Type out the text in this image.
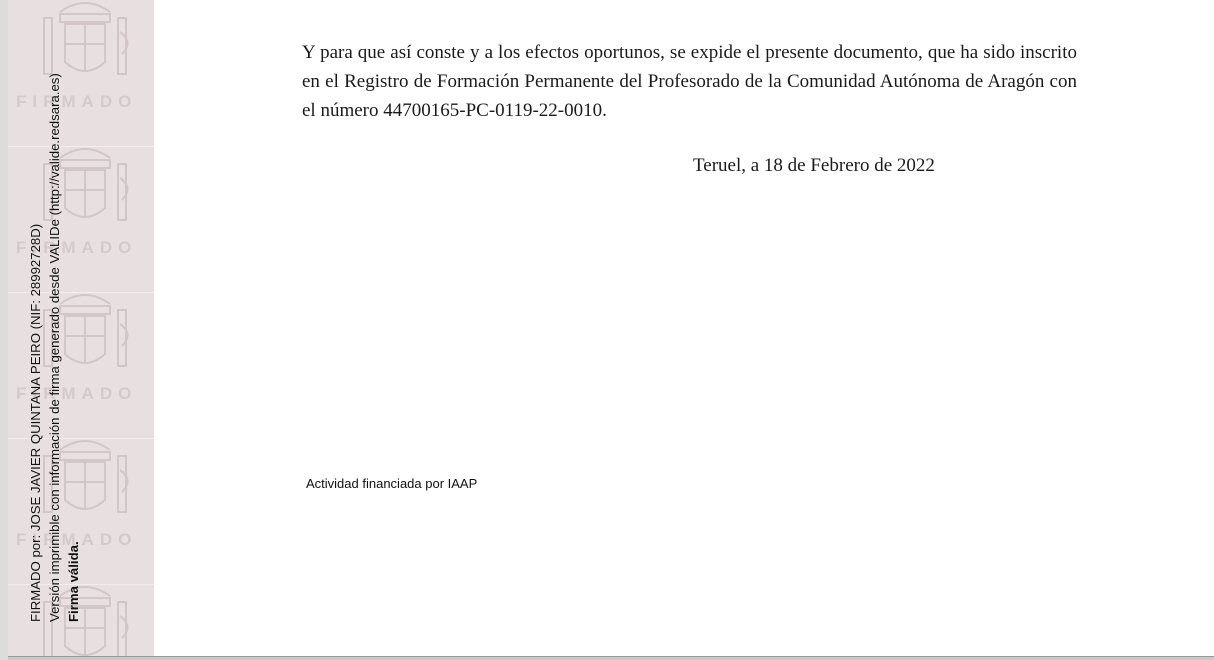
FIRMADO
FIRMADO
FIRMADO
FIRMADO
FIRMADO por: JOSE JAVIER QUINTANA PEIRO (NIF: 28992728D) Versión imprimible con información de firma generado desde VALIDe (http://valide.redsara.es) Firma válida.

Y para que así conste y a los efectos oportunos, se expide el presente documento, que ha sido inscrito en el Registro de Formación Permanente del Profesorado de la Comunidad Autónoma de Aragón con el número 44700165-PC-0119-22-0010.

Teruel, a 18 de Febrero de 2022
Actividad financiada por IAAP
